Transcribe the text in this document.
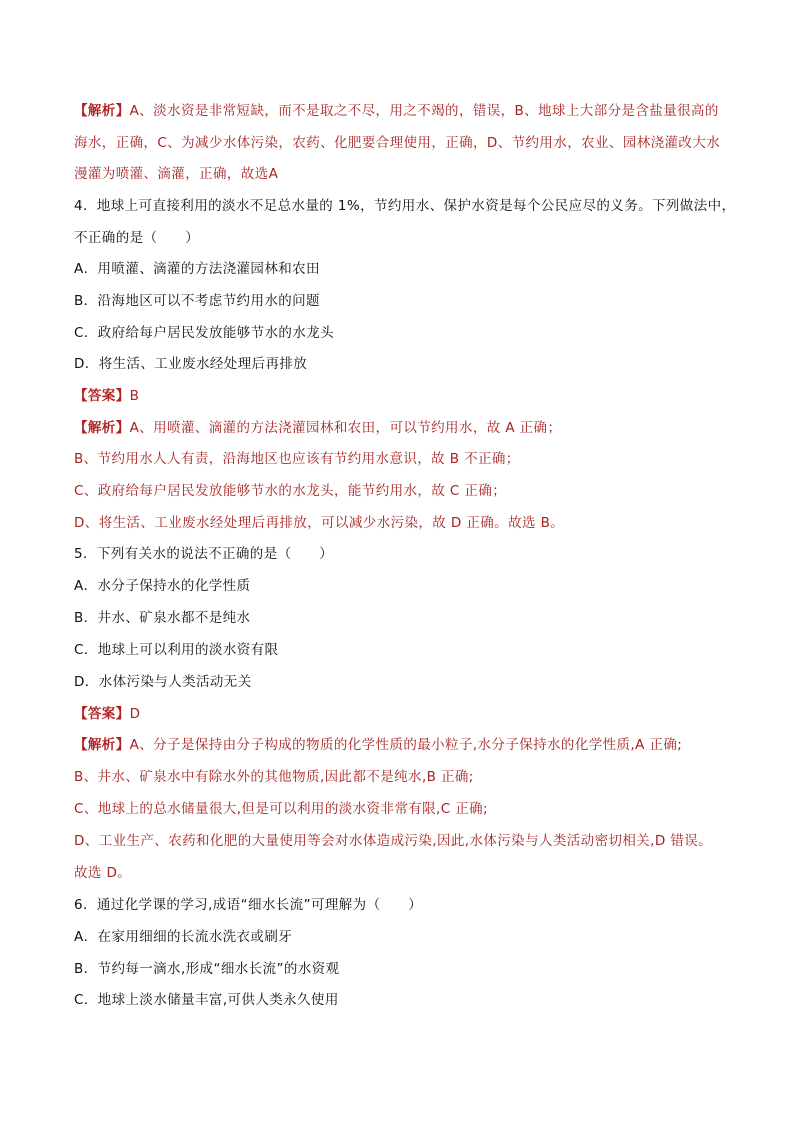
【解析】A、淡水资是非常短缺，而不是取之不尽，用之不竭的，错误，B、地球上大部分是含盐量很高的
海水，正确，C、为减少水体污染，农药、化肥要合理使用，正确，D、节约用水，农业、园林浇灌改大水
漫灌为喷灌、滴灌，正确，故选A
4．地球上可直接利用的淡水不足总水量的 1%，节约用水、保护水资是每个公民应尽的义务。下列做法中，
不正确的是（　　）
A．用喷灌、滴灌的方法浇灌园林和农田
B．沿海地区可以不考虑节约用水的问题
C．政府给每户居民发放能够节水的水龙头
D．将生活、工业废水经处理后再排放
【答案】B
【解析】A、用喷灌、滴灌的方法浇灌园林和农田，可以节约用水，故 A 正确；
B、节约用水人人有责，沿海地区也应该有节约用水意识，故 B 不正确；
C、政府给每户居民发放能够节水的水龙头，能节约用水，故 C 正确；
D、将生活、工业废水经处理后再排放，可以减少水污染，故 D 正确。故选 B。
5．下列有关水的说法不正确的是（　　）
A．水分子保持水的化学性质
B．井水、矿泉水都不是纯水
C．地球上可以利用的淡水资有限
D．水体污染与人类活动无关
【答案】D
【解析】A、分子是保持由分子构成的物质的化学性质的最小粒子,水分子保持水的化学性质,A 正确;
B、井水、矿泉水中有除水外的其他物质,因此都不是纯水,B 正确;
C、地球上的总水储量很大,但是可以利用的淡水资非常有限,C 正确;
D、工业生产、农药和化肥的大量使用等会对水体造成污染,因此,水体污染与人类活动密切相关,D 错误。
故选 D。
6．通过化学课的学习,成语“细水长流”可理解为（　　）
A．在家用细细的长流水洗衣或刷牙
B．节约每一滴水,形成“细水长流”的水资观
C．地球上淡水储量丰富,可供人类永久使用
